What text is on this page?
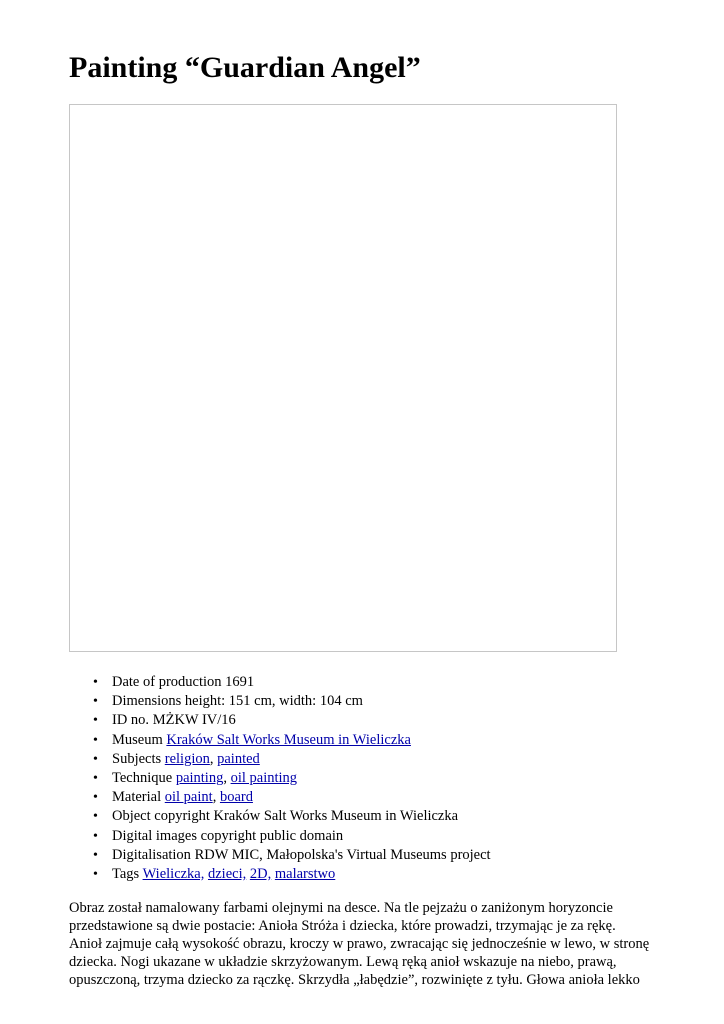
Painting “Guardian Angel”
• Date of production 1691
• Dimensions height: 151 cm, width: 104 cm
• ID no. MŻKW IV/16
• Museum Kraków Salt Works Museum in Wieliczka
• Subjects religion, painted
• Technique painting, oil painting
• Material oil paint, board
• Object copyright Kraków Salt Works Museum in Wieliczka
• Digital images copyright public domain
• Digitalisation RDW MIC, Małopolska's Virtual Museums project
• Tags Wieliczka, dzieci, 2D, malarstwo

Obraz został namalowany farbami olejnymi na desce. Na tle pejzażu o zaniżonym horyzoncie
przedstawione są dwie postacie: Anioła Stróża i dziecka, które prowadzi, trzymając je za rękę.
Anioł zajmuje całą wysokość obrazu, kroczy w prawo, zwracając się jednocześnie w lewo, w stronę
dziecka. Nogi ukazane w układzie skrzyżowanym. Lewą ręką anioł wskazuje na niebo, prawą,
opuszczoną, trzyma dziecko za rączkę. Skrzydła „łabędzie”, rozwinięte z tyłu. Głowa anioła lekko
